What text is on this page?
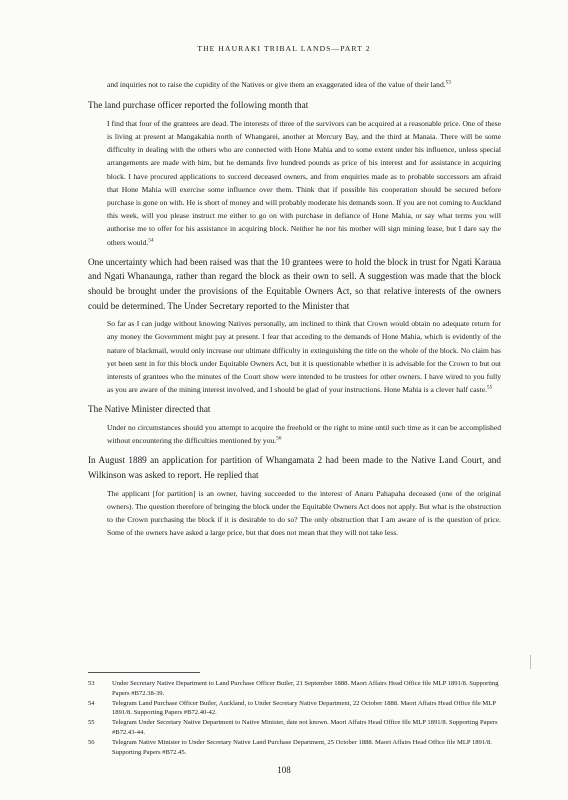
THE HAURAKI TRIBAL LANDS—PART 2

and inquiries not to raise the cupidity of the Natives or give them an exaggerated idea of the value of their land.$^{53}$

The land purchase officer reported the following month that

I find that four of the grantees are dead. The interests of three of the survivors can be acquired at a reasonable price. One of these is living at present at Mangakahia north of Whangarei, another at Mercury Bay, and the third at Manaia. There will be some difficulty in dealing with the others who are connected with Hone Mahia and to some extent under his influence, unless special arrangements are made with him, but he demands five hundred pounds as price of his interest and for assistance in acquiring block. I have procured applications to succeed deceased owners, and from enquiries made as to probable successors am afraid that Hone Mahia will exercise some influence over them. Think that if possible his cooperation should be secured before purchase is gone on with. He is short of money and will probably moderate his demands soon. If you are not coming to Auckland this week, will you please instruct me either to go on with purchase in defiance of Hone Mahia, or say what terms you will authorise me to offer for his assistance in acquiring block. Neither he nor his mother will sign mining lease, but I dare say the others would.$^{54}$

One uncertainty which had been raised was that the 10 grantees were to hold the block in trust for Ngati Karaua and Ngati Whanaunga, rather than regard the block as their own to sell. A suggestion was made that the block should be brought under the provisions of the Equitable Owners Act, so that relative interests of the owners could be determined. The Under Secretary reported to the Minister that

So far as I can judge without knowing Natives personally, am inclined to think that Crown would obtain no adequate return for any money the Government might pay at present. I fear that acceding to the demands of Hone Mahia, which is evidently of the nature of blackmail, would only increase our ultimate difficulty in extinguishing the title on the whole of the block. No claim has yet been sent in for this block under Equitable Owners Act, but it is questionable whether it is advisable for the Crown to but out interests of grantees who the minutes of the Court show were intended to be trustees for other owners. I have wired to you fully as you are aware of the mining interest involved, and I should be glad of your instructions. Hone Mahia is a clever half caste.$^{55}$

The Native Minister directed that

Under no circumstances should you attempt to acquire the freehold or the right to mine until such time as it can be accomplished without encountering the difficulties mentioned by you.$^{56}$

In August 1889 an application for partition of Whangamata 2 had been made to the Native Land Court, and Wilkinson was asked to report. He replied that

The applicant [for partition] is an owner, having succeeded to the interest of Anaru Pahapaha deceased (one of the original owners). The question therefore of bringing the block under the Equitable Owners Act does not apply. But what is the obstruction to the Crown purchasing the block if it is desirable to do so? The only obstruction that I am aware of is the question of price. Some of the owners have asked a large price, but that does not mean that they will not take less.

53	Under Secretary Native Department to Land Purchase Officer Butler, 21 September 1888. Maori Affairs Head Office file MLP 1891/8. Supporting Papers #B72.38-39.
54	Telegram Land Purchase Officer Butler, Auckland, to Under Secretary Native Department, 22 October 1888. Maori Affairs Head Office file MLP 1891/8. Supporting Papers #B72.40-42.
55	Telegram Under Secretary Native Department to Native Minister, date not known. Maori Affairs Head Office file MLP 1891/8. Supporting Papers #B72.43-44.
56	Telegram Native Minister to Under Secretary Native Land Purchase Department, 25 October 1888. Maori Affairs Head Office file MLP 1891/8. Supporting Papers #B72.45.
108
